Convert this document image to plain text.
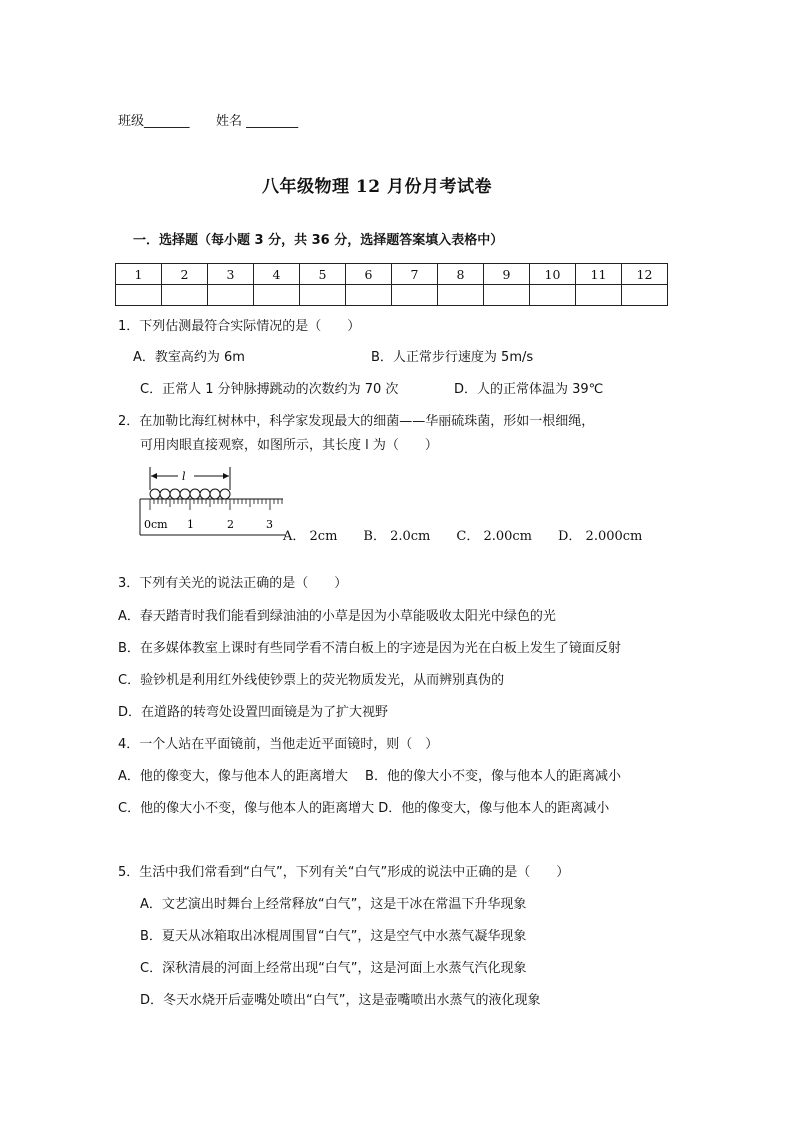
班级_______ 姓名 ________
八年级物理 12 月份月考试卷
一．选择题（每小题 3 分，共 36 分，选择题答案填入表格中）
1	2	3	4	5	6	7	8	9	10	11	12

1．下列估测最符合实际情况的是（　　）
A．教室高约为 6m	B．人正常步行速度为 5m/s
C．正常人 1 分钟脉搏跳动的次数约为 70 次	D．人的正常体温为 39℃
2．在加勒比海红树林中，科学家发现最大的细菌——华丽硫珠菌，形如一根细绳，
可用肉眼直接观察，如图所示，其长度 l 为（　　）
l
0cm 1	2	3
A． 2cm　　B． 2.0cm　　C． 2.00cm　　D． 2.000cm
3．下列有关光的说法正确的是（　　）
A．春天踏青时我们能看到绿油油的小草是因为小草能吸收太阳光中绿色的光
B．在多媒体教室上课时有些同学看不清白板上的字迹是因为光在白板上发生了镜面反射
C．验钞机是利用红外线使钞票上的荧光物质发光，从而辨别真伪的
D．在道路的转弯处设置凹面镜是为了扩大视野
4．一个人站在平面镜前，当他走近平面镜时，则（　）
A．他的像变大，像与他本人的距离增大　 B．他的像大小不变，像与他本人的距离减小
C．他的像大小不变，像与他本人的距离增大 D．他的像变大，像与他本人的距离减小
5．生活中我们常看到“白气”，下列有关“白气”形成的说法中正确的是（　　）
A．文艺演出时舞台上经常释放“白气”，这是干冰在常温下升华现象
B．夏天从冰箱取出冰棍周围冒“白气”，这是空气中水蒸气凝华现象
C．深秋清晨的河面上经常出现“白气”，这是河面上水蒸气汽化现象
D．冬天水烧开后壶嘴处喷出“白气”，这是壶嘴喷出水蒸气的液化现象
